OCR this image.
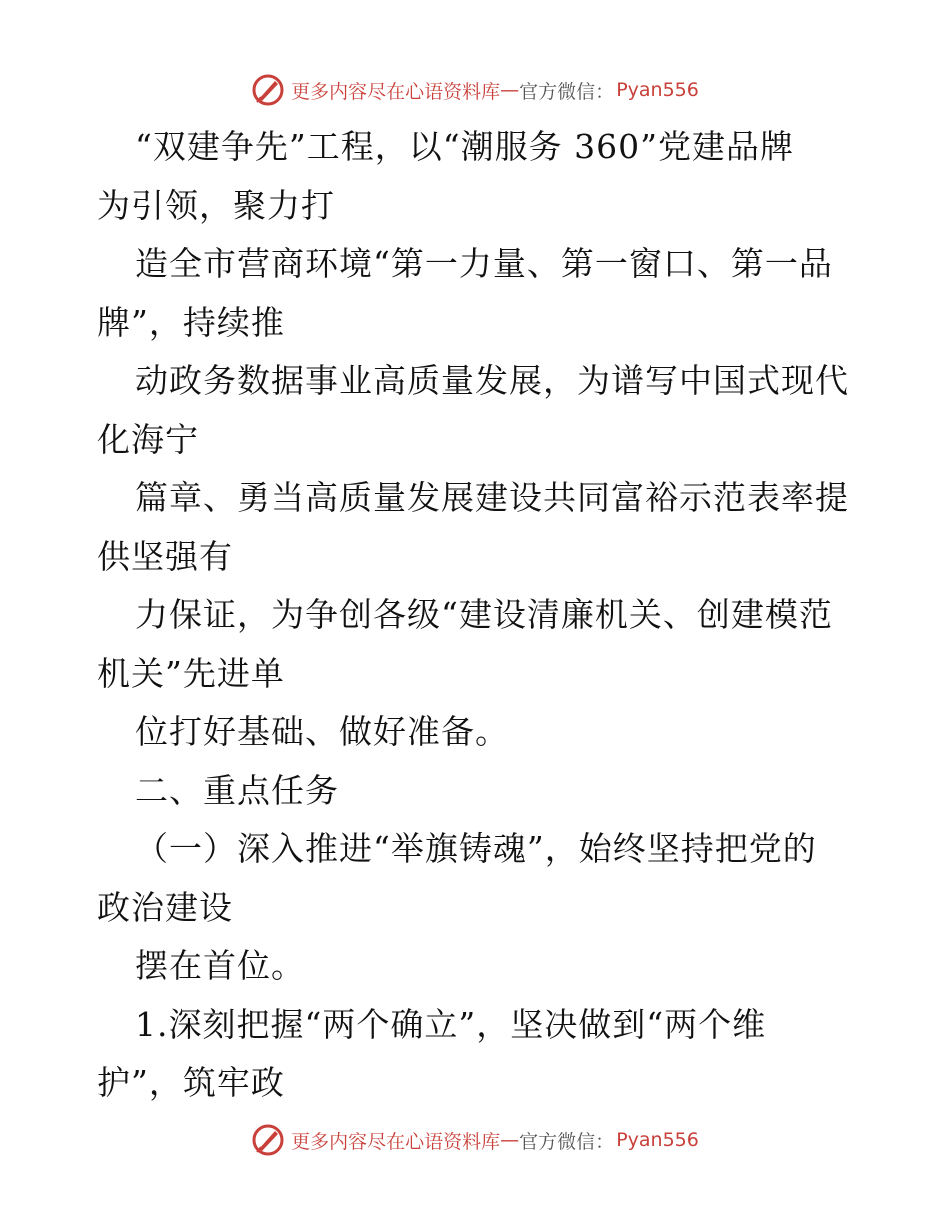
更多内容尽在心语资料库 — 官方微信： Pyan556
“双建争先”工程，以“潮服务 360”党建品牌
为引领，聚力打
造全市营商环境“第一力量、第一窗口、第一品
牌”，持续推
动政务数据事业高质量发展，为谱写中国式现代
化海宁
篇章、勇当高质量发展建设共同富裕示范表率提
供坚强有
力保证，为争创各级“建设清廉机关、创建模范
机关”先进单
位打好基础、做好准备。
二、重点任务
（一）深入推进“举旗铸魂”，始终坚持把党的
政治建设
摆在首位。
1.深刻把握“两个确立”，坚决做到“两个维
护”，筑牢政
更多内容尽在心语资料库 — 官方微信： Pyan556
